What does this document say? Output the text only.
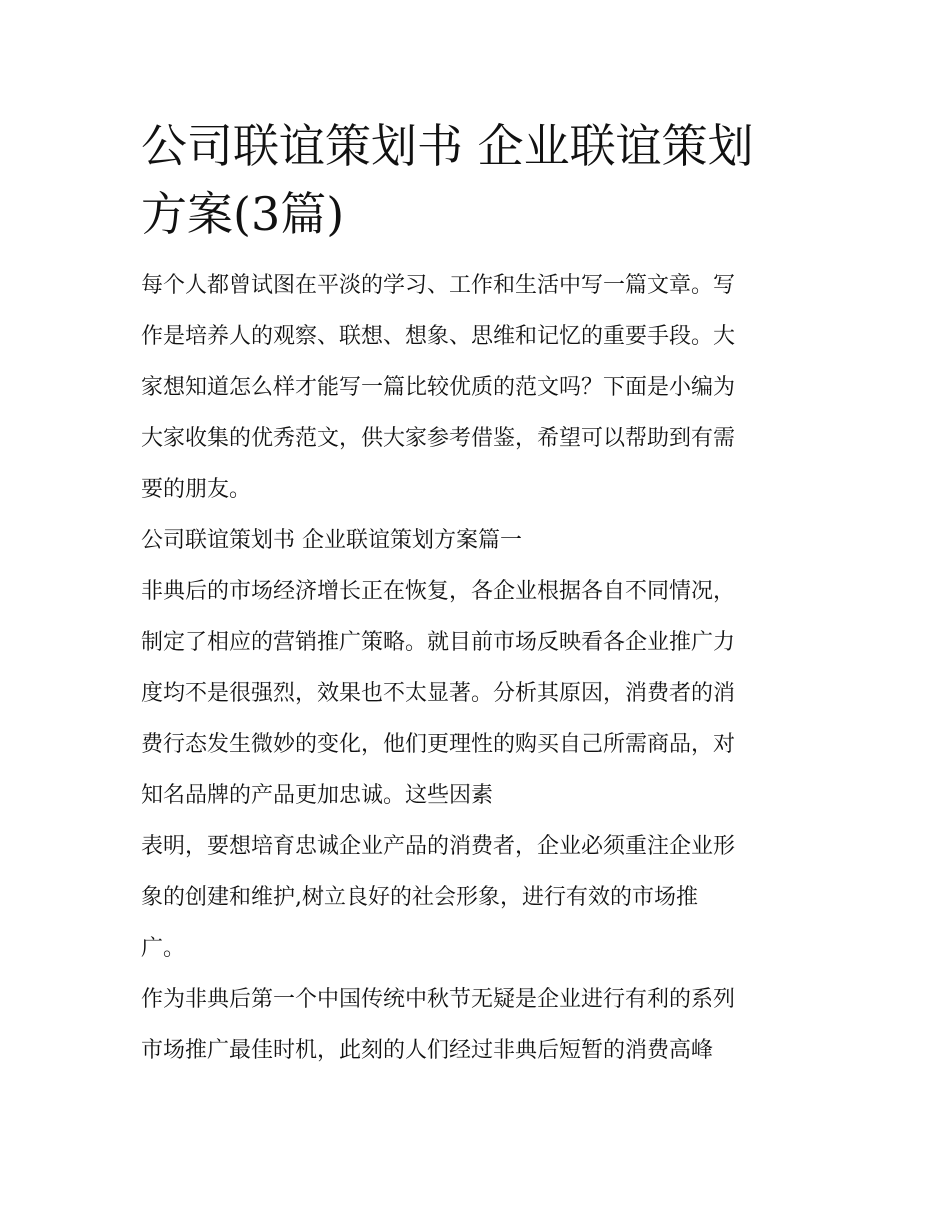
公司联谊策划书 企业联谊策划
方案(3篇)

每个人都曾试图在平淡的学习、工作和生活中写一篇文章。写
作是培养人的观察、联想、想象、思维和记忆的重要手段。大
家想知道怎么样才能写一篇比较优质的范文吗？下面是小编为
大家收集的优秀范文，供大家参考借鉴，希望可以帮助到有需
要的朋友。

公司联谊策划书 企业联谊策划方案篇一

非典后的市场经济增长正在恢复，各企业根据各自不同情况，
制定了相应的营销推广策略。就目前市场反映看各企业推广力
度均不是很强烈，效果也不太显著。分析其原因，消费者的消
费行态发生微妙的变化，他们更理性的购买自己所需商品，对
知名品牌的产品更加忠诚。这些因素

表明，要想培育忠诚企业产品的消费者，企业必须重注企业形
象的创建和维护,树立良好的社会形象，进行有效的市场推
广。

作为非典后第一个中国传统中秋节无疑是企业进行有利的系列
市场推广最佳时机，此刻的人们经过非典后短暂的消费高峰
